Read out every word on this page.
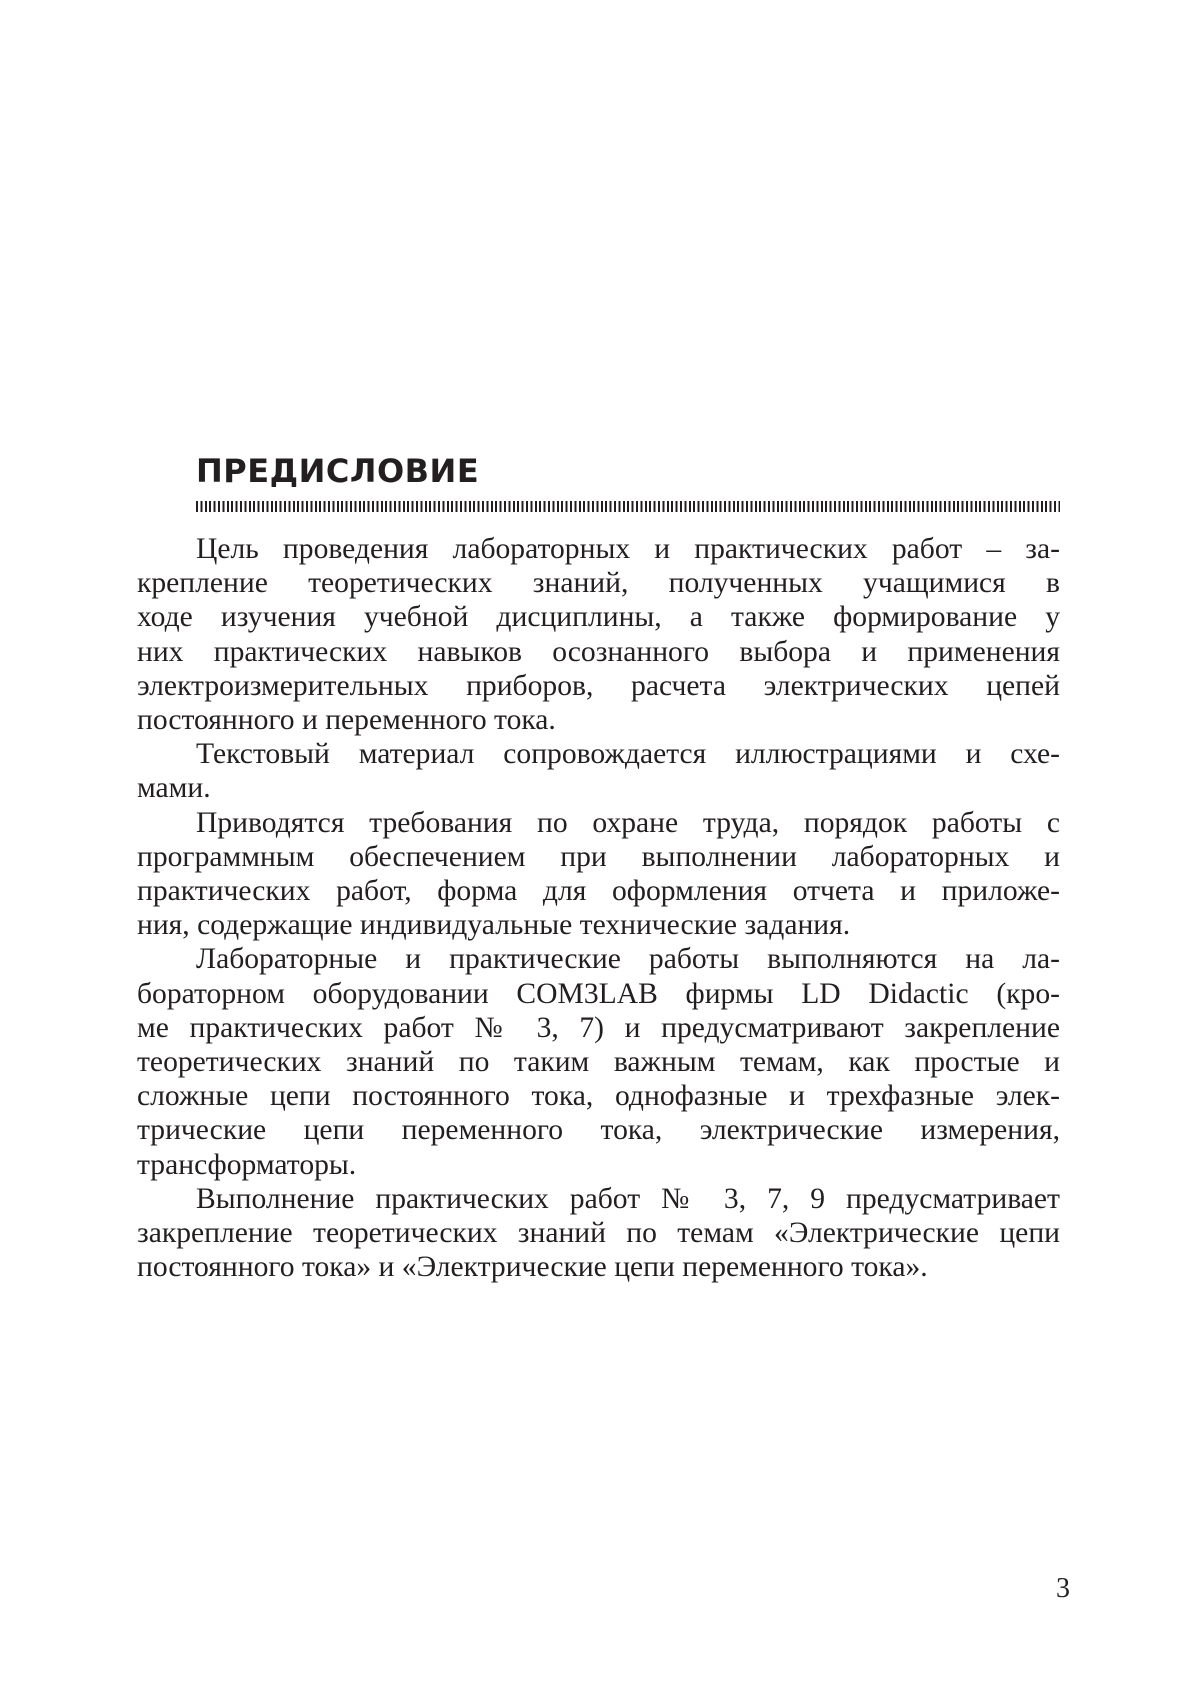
ПРЕДИСЛОВИЕ

Цель проведения лабораторных и практических работ – за-
крепление теоретических знаний, полученных учащимися в
ходе изучения учебной дисциплины, а также формирование у
них практических навыков осознанного выбора и применения
электроизмерительных приборов, расчета электрических цепей
постоянного и переменного тока.

Текстовый материал сопровождается иллюстрациями и схе-
мами.

Приводятся требования по охране труда, порядок работы с
программным обеспечением при выполнении лабораторных и
практических работ, форма для оформления отчета и приложе-
ния, содержащие индивидуальные технические задания.

Лабораторные и практические работы выполняются на ла-
бораторном оборудовании COM3LAB фирмы LD Didactic (кро-
ме практических работ № 3, 7) и предусматривают закрепление
теоретических знаний по таким важным темам, как простые и
сложные цепи постоянного тока, однофазные и трехфазные элек-
трические цепи переменного тока, электрические измерения,
трансформаторы.

Выполнение практических работ № 3, 7, 9 предусматривает
закрепление теоретических знаний по темам «Электрические цепи
постоянного тока» и «Электрические цепи переменного тока».

3
